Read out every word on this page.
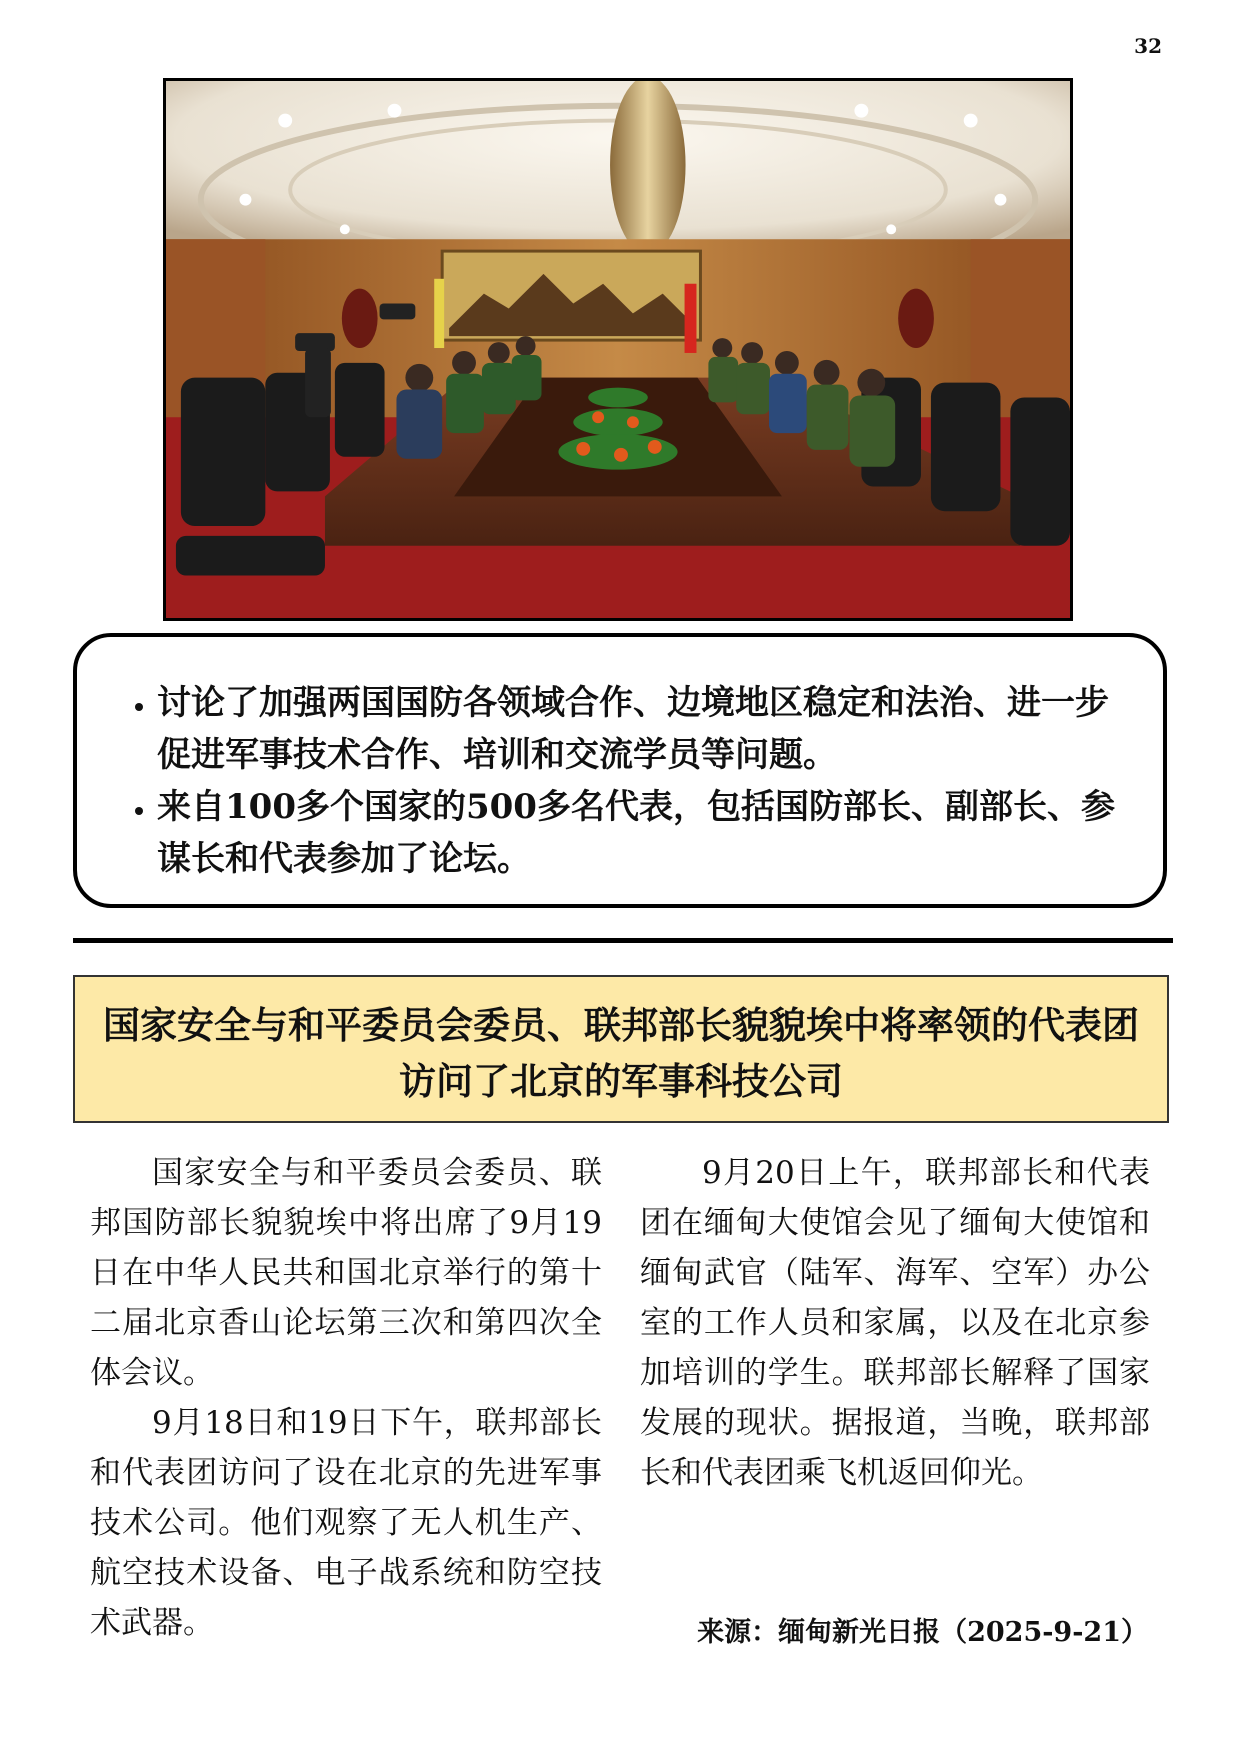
32
• 讨论了加强两国国防各领域合作、边境地区稳定和法治、进一步促进军事技术合作、培训和交流学员等问题。
• 来自100多个国家的500多名代表，包括国防部长、副部长、参谋长和代表参加了论坛。
国家安全与和平委员会委员、联邦部长貌貌埃中将率领的代表团
访问了北京的军事科技公司

国家安全与和平委员会委员、联邦国防部长貌貌埃中将出席了9月19日在中华人民共和国北京举行的第十二届北京香山论坛第三次和第四次全体会议。

9月18日和19日下午，联邦部长和代表团访问了设在北京的先进军事技术公司。他们观察了无人机生产、航空技术设备、电子战系统和防空技术武器。

9月20日上午，联邦部长和代表团在缅甸大使馆会见了缅甸大使馆和缅甸武官（陆军、海军、空军）办公室的工作人员和家属，以及在北京参加培训的学生。联邦部长解释了国家发展的现状。据报道，当晚，联邦部长和代表团乘飞机返回仰光。

来源：缅甸新光日报（2025-9-21）
